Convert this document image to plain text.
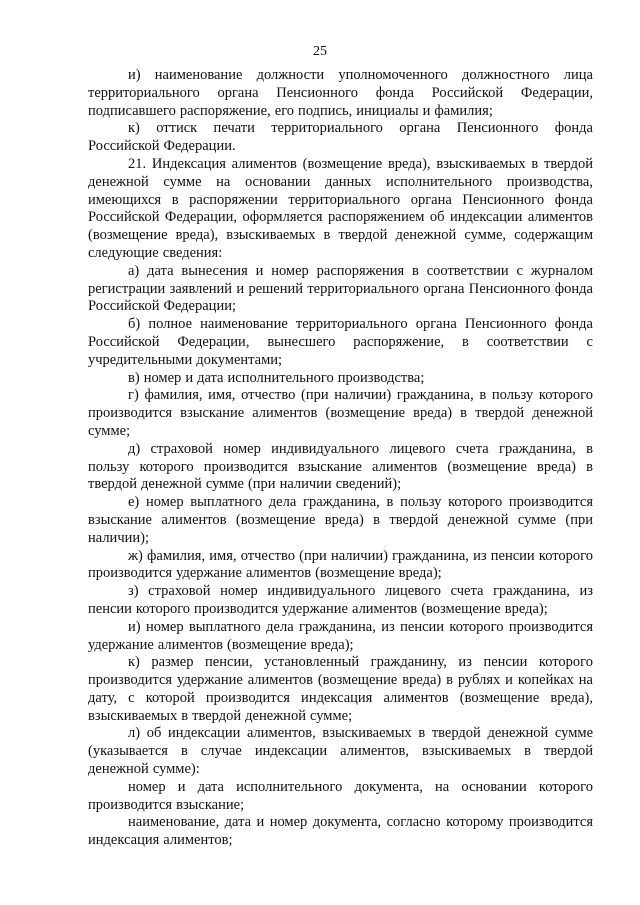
25

и) наименование должности уполномоченного должностного лица территориального органа Пенсионного фонда Российской Федерации, подписавшего распоряжение, его подпись, инициалы и фамилия;

к) оттиск печати территориального органа Пенсионного фонда Российской Федерации.

21. Индексация алиментов (возмещение вреда), взыскиваемых в твердой денежной сумме на основании данных исполнительного производства, имеющихся в распоряжении территориального органа Пенсионного фонда Российской Федерации, оформляется распоряжением об индексации алиментов (возмещение вреда), взыскиваемых в твердой денежной сумме, содержащим следующие сведения:

а) дата вынесения и номер распоряжения в соответствии с журналом регистрации заявлений и решений территориального органа Пенсионного фонда Российской Федерации;

б) полное наименование территориального органа Пенсионного фонда Российской Федерации, вынесшего распоряжение, в соответствии с учредительными документами;

в) номер и дата исполнительного производства;

г) фамилия, имя, отчество (при наличии) гражданина, в пользу которого производится взыскание алиментов (возмещение вреда) в твердой денежной сумме;

д) страховой номер индивидуального лицевого счета гражданина, в пользу которого производится взыскание алиментов (возмещение вреда) в твердой денежной сумме (при наличии сведений);

е) номер выплатного дела гражданина, в пользу которого производится взыскание алиментов (возмещение вреда) в твердой денежной сумме (при наличии);

ж) фамилия, имя, отчество (при наличии) гражданина, из пенсии которого производится удержание алиментов (возмещение вреда);

з) страховой номер индивидуального лицевого счета гражданина, из пенсии которого производится удержание алиментов (возмещение вреда);

и) номер выплатного дела гражданина, из пенсии которого производится удержание алиментов (возмещение вреда);

к) размер пенсии, установленный гражданину, из пенсии которого производится удержание алиментов (возмещение вреда) в рублях и копейках на дату, с которой производится индексация алиментов (возмещение вреда), взыскиваемых в твердой денежной сумме;

л) об индексации алиментов, взыскиваемых в твердой денежной сумме (указывается в случае индексации алиментов, взыскиваемых в твердой денежной сумме):

номер и дата исполнительного документа, на основании которого производится взыскание;

наименование, дата и номер документа, согласно которому производится индексация алиментов;
